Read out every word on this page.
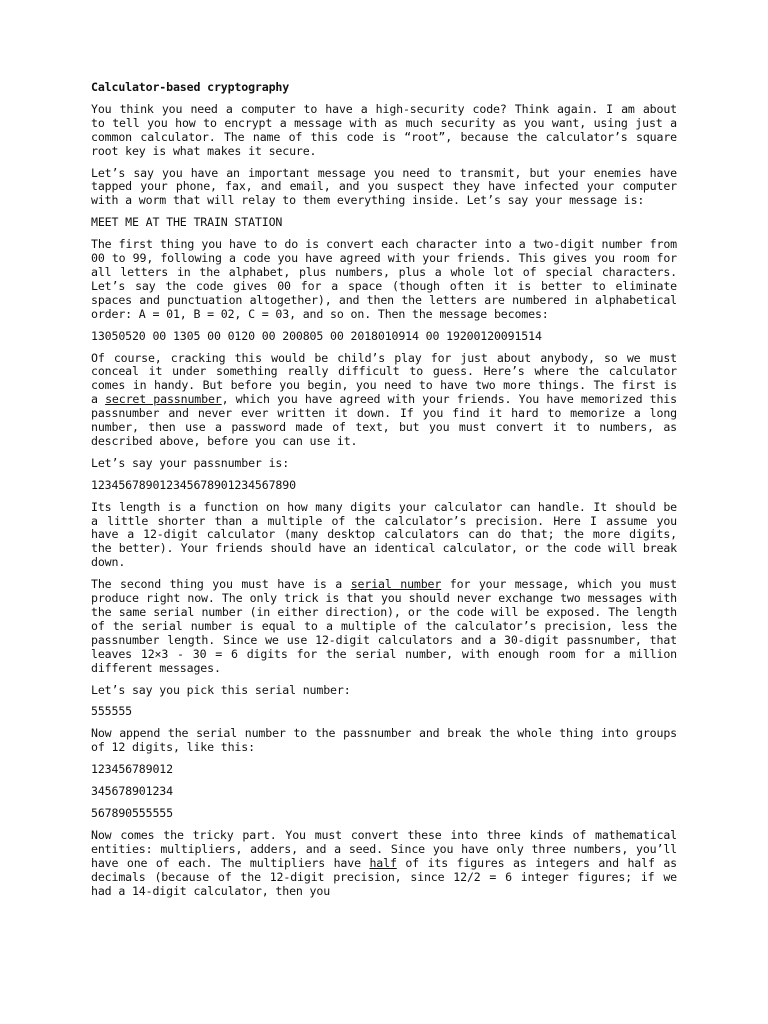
Calculator-based cryptography
You think you need a computer to have a high-security code? Think again. I am about to tell you how to encrypt a message with as much security as you want, using just a common calculator. The name of this code is “root”, because the calculator’s square root key is what makes it secure.
Let’s say you have an important message you need to transmit, but your enemies have tapped your phone, fax, and email, and you suspect they have infected your computer with a worm that will relay to them everything inside. Let’s say your message is:
MEET ME AT THE TRAIN STATION
The first thing you have to do is convert each character into a two-digit number from 00 to 99, following a code you have agreed with your friends. This gives you room for all letters in the alphabet, plus numbers, plus a whole lot of special characters. Let’s say the code gives 00 for a space (though often it is better to eliminate spaces and punctuation altogether), and then the letters are numbered in alphabetical order: A = 01, B = 02, C = 03, and so on. Then the message becomes:
13050520 00 1305 00 0120 00 200805 00 2018010914 00 19200120091514
Of course, cracking this would be child’s play for just about anybody, so we must conceal it under something really difficult to guess. Here’s where the calculator comes in handy. But before you begin, you need to have two more things. The first is a secret passnumber, which you have agreed with your friends. You have memorized this passnumber and never ever written it down. If you find it hard to memorize a long number, then use a password made of text, but you must convert it to numbers, as described above, before you can use it.
Let’s say your passnumber is:
123456789012345678901234567890
Its length is a function on how many digits your calculator can handle. It should be a little shorter than a multiple of the calculator’s precision. Here I assume you have a 12-digit calculator (many desktop calculators can do that; the more digits, the better). Your friends should have an identical calculator, or the code will break down.
The second thing you must have is a serial number for your message, which you must produce right now. The only trick is that you should never exchange two messages with the same serial number (in either direction), or the code will be exposed. The length of the serial number is equal to a multiple of the calculator’s precision, less the passnumber length. Since we use 12-digit calculators and a 30-digit passnumber, that leaves 12×3 - 30 = 6 digits for the serial number, with enough room for a million different messages.
Let’s say you pick this serial number:
555555
Now append the serial number to the passnumber and break the whole thing into groups of 12 digits, like this:
123456789012
345678901234
567890555555
Now comes the tricky part. You must convert these into three kinds of mathematical entities: multipliers, adders, and a seed. Since you have only three numbers, you’ll have one of each. The multipliers have half of its figures as integers and half as decimals (because of the 12-digit precision, since 12/2 = 6 integer figures; if we had a 14-digit calculator, then you
